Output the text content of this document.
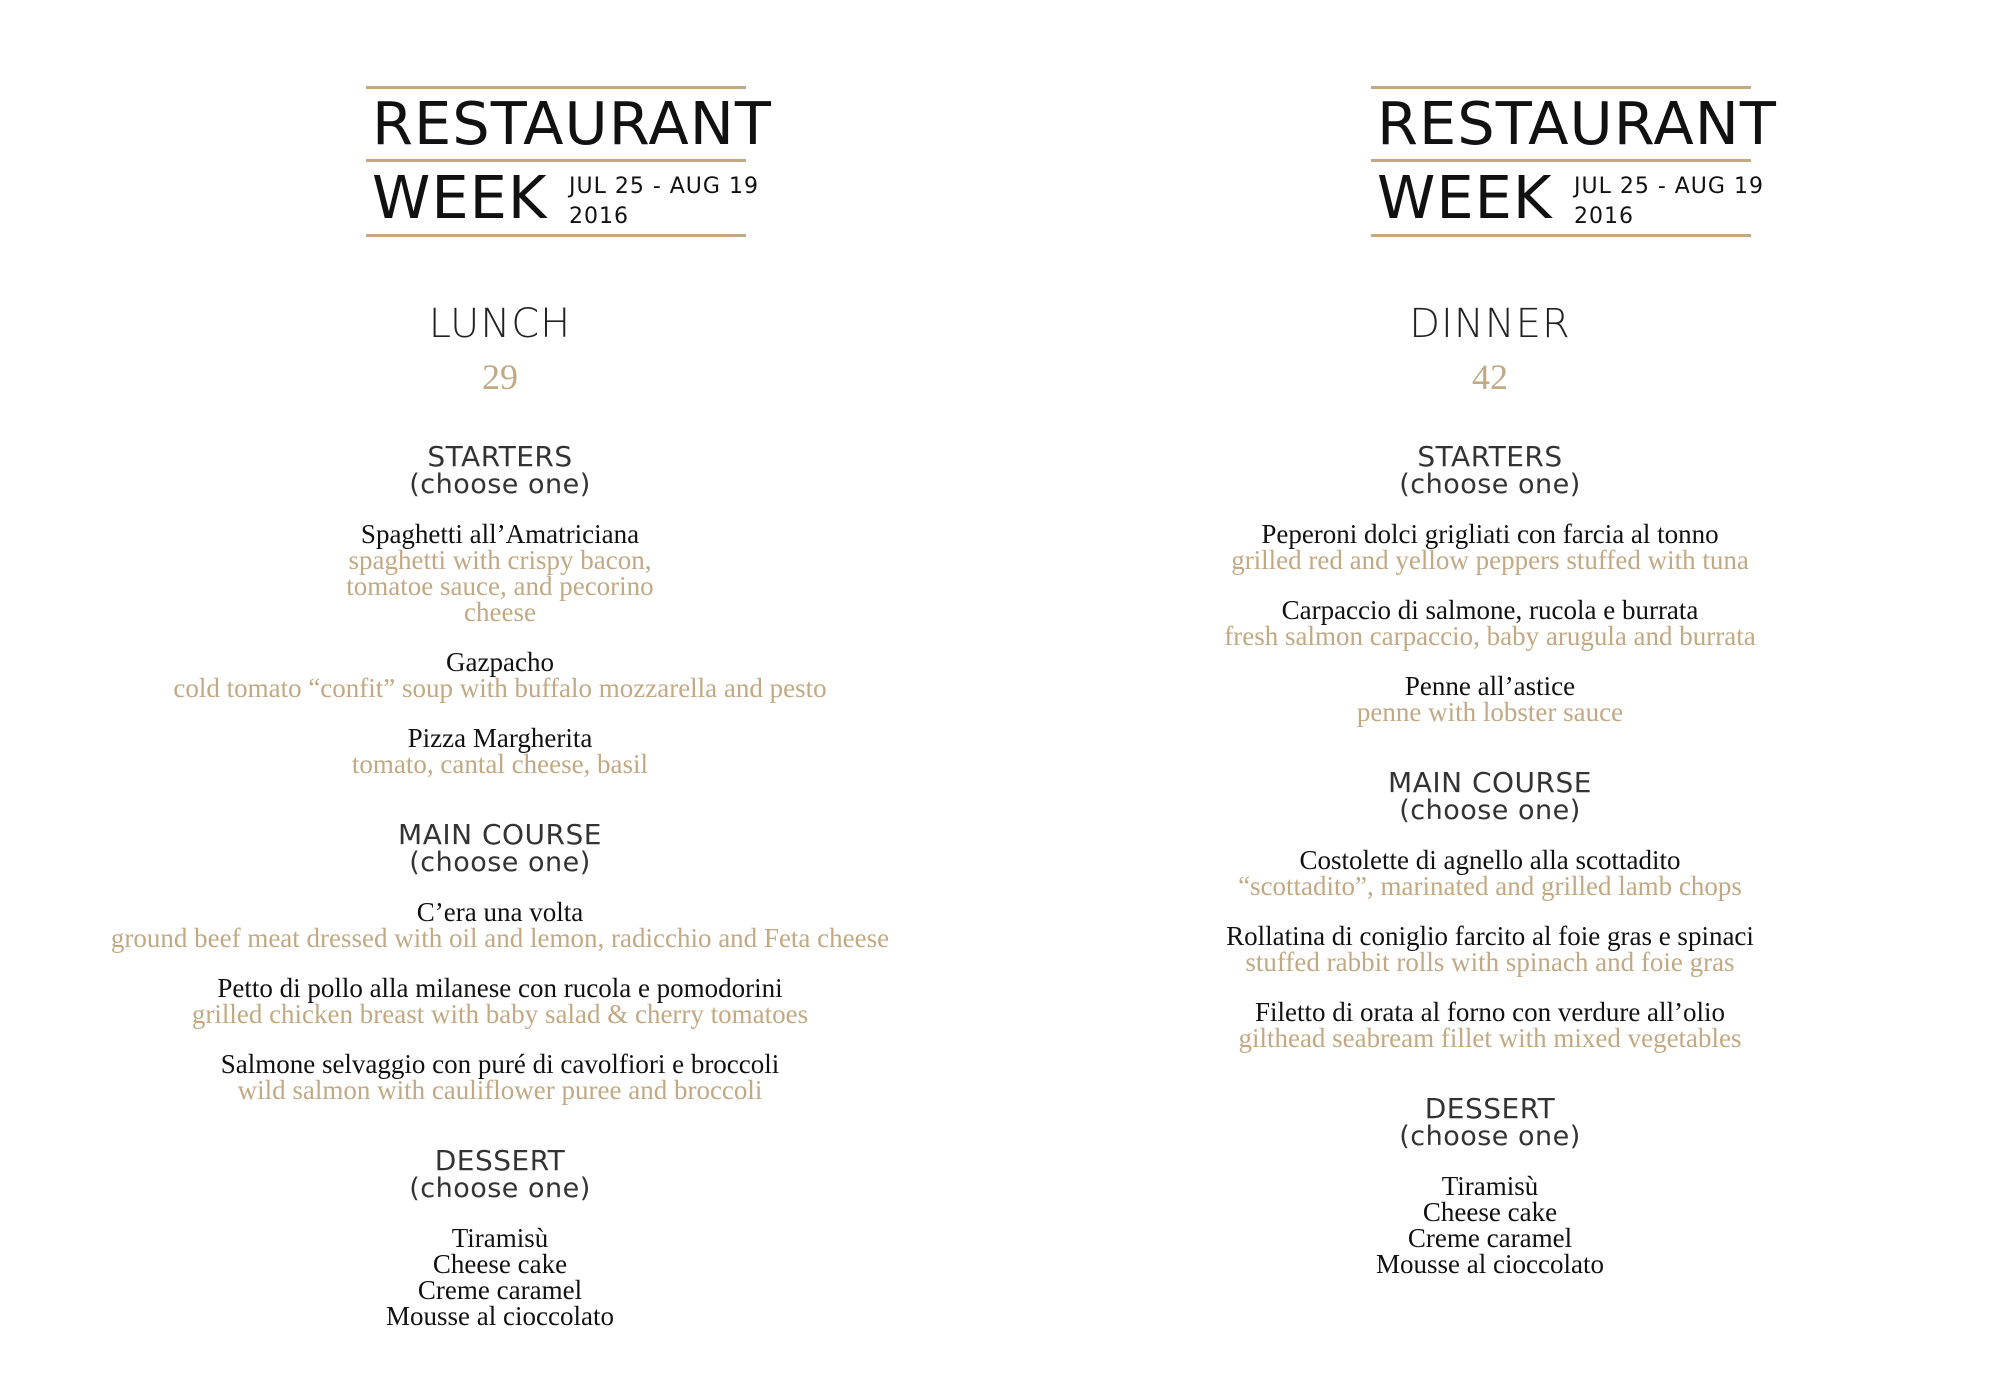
RESTAURANT
WEEK JUL 25 - AUG 19
2016
LUNCH
29
STARTERS
(choose one)

Spaghetti all’Amatriciana

spaghetti with crispy bacon, tomatoe sauce, and pecorino cheese

Gazpacho

cold tomato “confit” soup with buffalo mozzarella and pesto

Pizza Margherita

tomato, cantal cheese, basil

MAIN COURSE
(choose one)

C’era una volta

ground beef meat dressed with oil and lemon, radicchio and Feta cheese

Petto di pollo alla milanese con rucola e pomodorini

grilled chicken breast with baby salad & cherry tomatoes

Salmone selvaggio con puré di cavolfiori e broccoli

wild salmon with cauliflower puree and broccoli

DESSERT
(choose one)

Tiramisù

Cheese cake

Creme caramel

Mousse al cioccolato

RESTAURANT
WEEK JUL 25 - AUG 19
2016
DINNER
42
STARTERS
(choose one)

Peperoni dolci grigliati con farcia al tonno

grilled red and yellow peppers stuffed with tuna

Carpaccio di salmone, rucola e burrata

fresh salmon carpaccio, baby arugula and burrata

Penne all’astice

penne with lobster sauce

MAIN COURSE
(choose one)

Costolette di agnello alla scottadito

“scottadito”, marinated and grilled lamb chops

Rollatina di coniglio farcito al foie gras e spinaci

stuffed rabbit rolls with spinach and foie gras

Filetto di orata al forno con verdure all’olio

gilthead seabream fillet with mixed vegetables

DESSERT
(choose one)

Tiramisù

Cheese cake

Creme caramel

Mousse al cioccolato
